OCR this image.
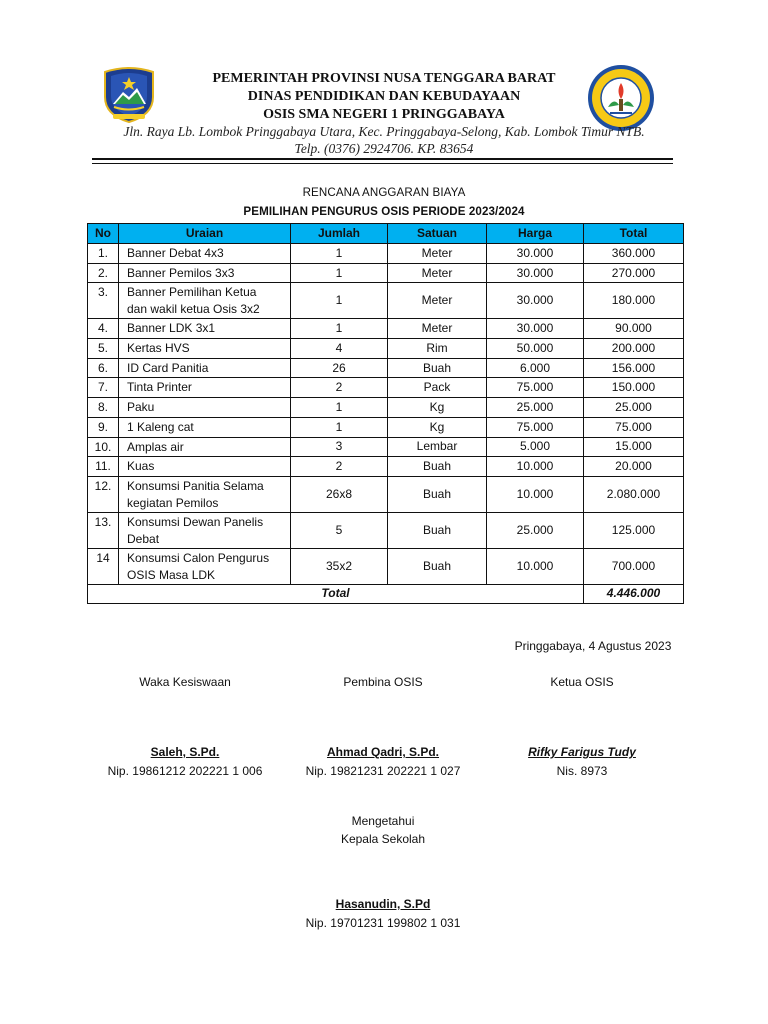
PEMERINTAH PROVINSI NUSA TENGGARA BARAT
DINAS PENDIDIKAN DAN KEBUDAYAAN
OSIS SMA NEGERI 1 PRINGGABAYA
Jln. Raya Lb. Lombok Pringgabaya Utara, Kec. Pringgabaya-Selong, Kab. Lombok Timur NTB.
Telp. (0376) 2924706. KP. 83654
RENCANA ANGGARAN BIAYA
PEMILIHAN PENGURUS OSIS PERIODE 2023/2024
No	Uraian	Jumlah	Satuan	Harga	Total
1.	Banner Debat 4x3	1	Meter	30.000	360.000
2.	Banner Pemilos 3x3	1	Meter	30.000	270.000
3.	Banner Pemilihan Ketua
dan wakil ketua Osis 3x2	1	Meter	30.000	180.000
4.	Banner LDK 3x1	1	Meter	30.000	90.000
5.	Kertas HVS	4	Rim	50.000	200.000
6.	ID Card Panitia	26	Buah	6.000	156.000
7.	Tinta Printer	2	Pack	75.000	150.000
8.	Paku	1	Kg	25.000	25.000
9.	1 Kaleng cat	1	Kg	75.000	75.000
10.	Amplas air	3	Lembar	5.000	15.000
11.	Kuas	2	Buah	10.000	20.000
12.	Konsumsi Panitia Selama
kegiatan Pemilos	26x8	Buah	10.000	2.080.000
13.	Konsumsi Dewan Panelis
Debat	5	Buah	25.000	125.000
14	Konsumsi Calon Pengurus
OSIS Masa LDK	35x2	Buah	10.000	700.000
Total					4.446.000
Pringgabaya, 4 Agustus 2023
Waka Kesiswaan	Pembina OSIS	Ketua OSIS
Saleh, S.Pd.	Ahmad Qadri, S.Pd.	Rifky Farigus Tudy
Nip. 19861212 202221 1 006	Nip. 19821231 202221 1 027	Nis. 8973
Mengetahui
Kepala Sekolah
Hasanudin, S.Pd
Nip. 19701231 199802 1 031
